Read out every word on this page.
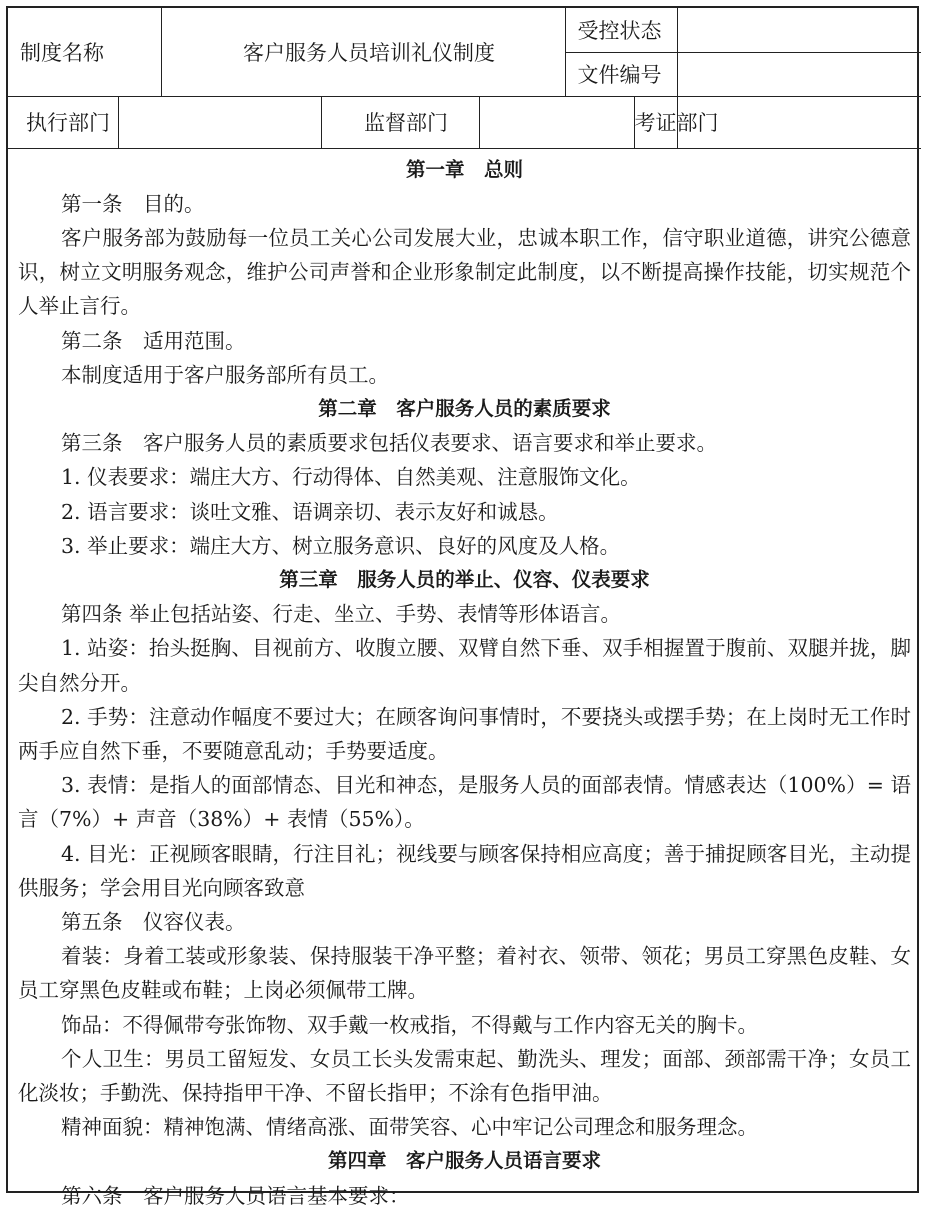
制度名称		客户服务人员培训礼仪制度			受控状态		
					文件编号		
执行部门			监督部门			考证部门	

第一章　总则

第一条　目的。

客户服务部为鼓励每一位员工关心公司发展大业，忠诚本职工作，信守职业道德，讲究公德意识，树立文明服务观念，维护公司声誉和企业形象制定此制度，以不断提高操作技能，切实规范个人举止言行。

第二条　适用范围。

本制度适用于客户服务部所有员工。

第二章　客户服务人员的素质要求

第三条　客户服务人员的素质要求包括仪表要求、语言要求和举止要求。

1. 仪表要求：端庄大方、行动得体、自然美观、注意服饰文化。

2. 语言要求：谈吐文雅、语调亲切、表示友好和诚恳。

3. 举止要求：端庄大方、树立服务意识、良好的风度及人格。

第三章　服务人员的举止、仪容、仪表要求

第四条 举止包括站姿、行走、坐立、手势、表情等形体语言。

1. 站姿：抬头挺胸、目视前方、收腹立腰、双臂自然下垂、双手相握置于腹前、双腿并拢，脚尖自然分开。

2. 手势：注意动作幅度不要过大；在顾客询问事情时，不要挠头或摆手势；在上岗时无工作时两手应自然下垂，不要随意乱动；手势要适度。

3. 表情：是指人的面部情态、目光和神态，是服务人员的面部表情。情感表达（100%）= 语言（7%）+ 声音（38%）+ 表情（55%）。

4. 目光：正视顾客眼睛，行注目礼；视线要与顾客保持相应高度；善于捕捉顾客目光，主动提供服务；学会用目光向顾客致意

第五条　仪容仪表。

着装：身着工装或形象装、保持服装干净平整；着衬衣、领带、领花；男员工穿黑色皮鞋、女员工穿黑色皮鞋或布鞋；上岗必须佩带工牌。

饰品：不得佩带夸张饰物、双手戴一枚戒指，不得戴与工作内容无关的胸卡。

个人卫生：男员工留短发、女员工长头发需束起、勤洗头、理发；面部、颈部需干净；女员工化淡妆；手勤洗、保持指甲干净、不留长指甲；不涂有色指甲油。

精神面貌：精神饱满、情绪高涨、面带笑容、心中牢记公司理念和服务理念。

第四章　客户服务人员语言要求

第六条　客户服务人员语言基本要求：
